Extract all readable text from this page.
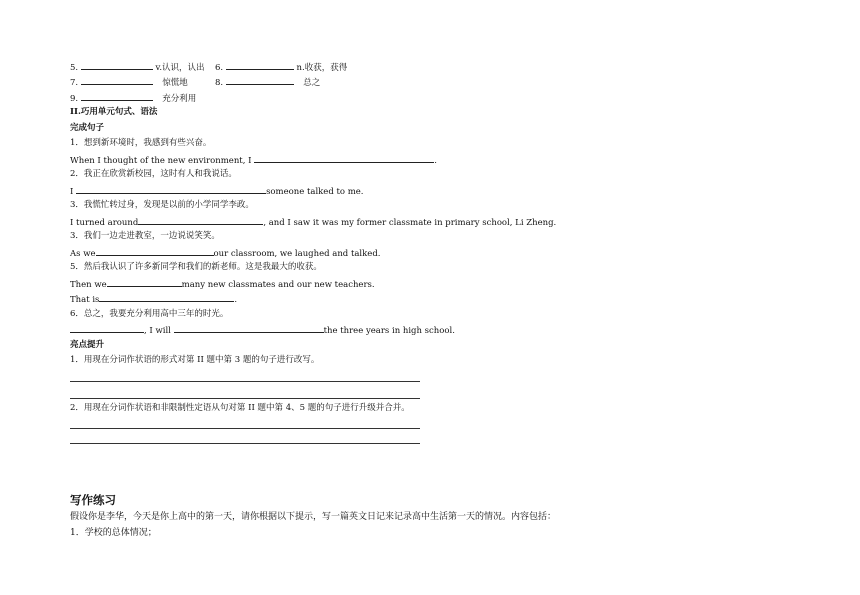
5.	v.认识，认出 6.	n.收获，获得
7.	惊慌地	8.	总之
9.	充分利用
II.巧用单元句式、语法
完成句子
1．想到新环境时，我感到有些兴奋。
When I thought of the new environment, I	.
2．我正在欣赏新校园，这时有人和我说话。
I	someone talked to me.
3．我慌忙转过身，发现是以前的小学同学李政。
I turned around	, and I saw it was my former classmate in primary school, Li Zheng.
3．我们一边走进教室，一边说说笑笑。
As we	our classroom, we laughed and talked.
5．然后我认识了许多新同学和我们的新老师。这是我最大的收获。
Then we	many new classmates and our new teachers.
That is	.
6．总之，我要充分利用高中三年的时光。
, I will	the three years in high school.
亮点提升
1．用现在分词作状语的形式对第 II 题中第 3 题的句子进行改写。
2．用现在分词作状语和非限制性定语从句对第 II 题中第 4、5 题的句子进行升级并合并。
写作练习
假设你是李华，今天是你上高中的第一天，请你根据以下提示，写一篇英文日记来记录高中生活第一天的情况。内容包括：
1．学校的总体情况；
